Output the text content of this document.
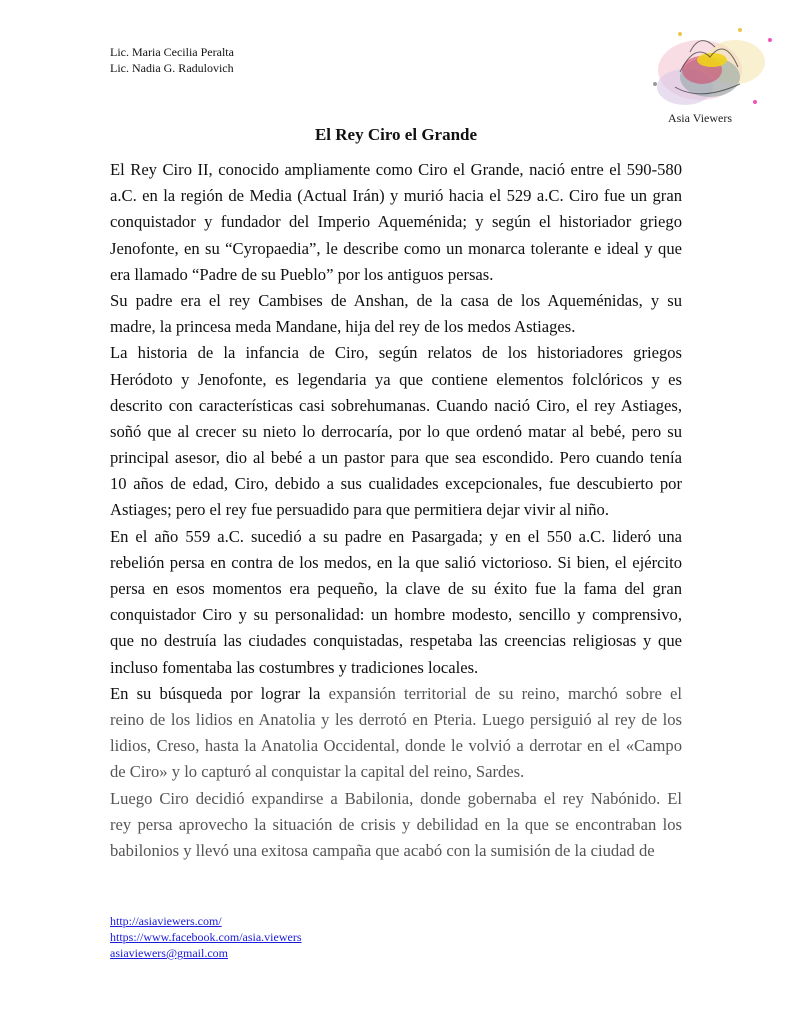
Lic. Maria Cecilia Peralta
Lic. Nadia G. Radulovich
Asia Viewers
El Rey Ciro el Grande
El Rey Ciro II, conocido ampliamente como Ciro el Grande, nació entre el 590-580
a.C. en la región de Media (Actual Irán) y murió hacia el 529 a.C. Ciro fue un gran
conquistador y fundador del Imperio Aqueménida; y según el historiador griego
Jenofonte, en su “Cyropaedia”, le describe como un monarca tolerante e ideal y que
era llamado “Padre de su Pueblo” por los antiguos persas.
Su padre era el rey Cambises de Anshan, de la casa de los Aqueménidas, y su
madre, la princesa meda Mandane, hija del rey de los medos Astiages.
La historia de la infancia de Ciro, según relatos de los historiadores griegos
Heródoto y Jenofonte, es legendaria ya que contiene elementos folclóricos y es
descrito con características casi sobrehumanas. Cuando nació Ciro, el rey Astiages,
soñó que al crecer su nieto lo derrocaría, por lo que ordenó matar al bebé, pero su
principal asesor, dio al bebé a un pastor para que sea escondido. Pero cuando tenía
10 años de edad, Ciro, debido a sus cualidades excepcionales, fue descubierto por
Astiages; pero el rey fue persuadido para que permitiera dejar vivir al niño.
En el año 559 a.C. sucedió a su padre en Pasargada; y en el 550 a.C. lideró una
rebelión persa en contra de los medos, en la que salió victorioso. Si bien, el ejército
persa en esos momentos era pequeño, la clave de su éxito fue la fama del gran
conquistador Ciro y su personalidad: un hombre modesto, sencillo y comprensivo,
que no destruía las ciudades conquistadas, respetaba las creencias religiosas y que
incluso fomentaba las costumbres y tradiciones locales.
En su búsqueda por lograr la expansión territorial de su reino, marchó sobre el
reino de los lidios en Anatolia y les derrotó en Pteria. Luego persiguió al rey de los
lidios, Creso, hasta la Anatolia Occidental, donde le volvió a derrotar en el «Campo
de Ciro» y lo capturó al conquistar la capital del reino, Sardes.
Luego Ciro decidió expandirse a Babilonia, donde gobernaba el rey Nabónido. El
rey persa aprovecho la situación de crisis y debilidad en la que se encontraban los
babilonios y llevó una exitosa campaña que acabó con la sumisión de la ciudad de
http://asiaviewers.com/
https://www.facebook.com/asia.viewers
asiaviewers@gmail.com
